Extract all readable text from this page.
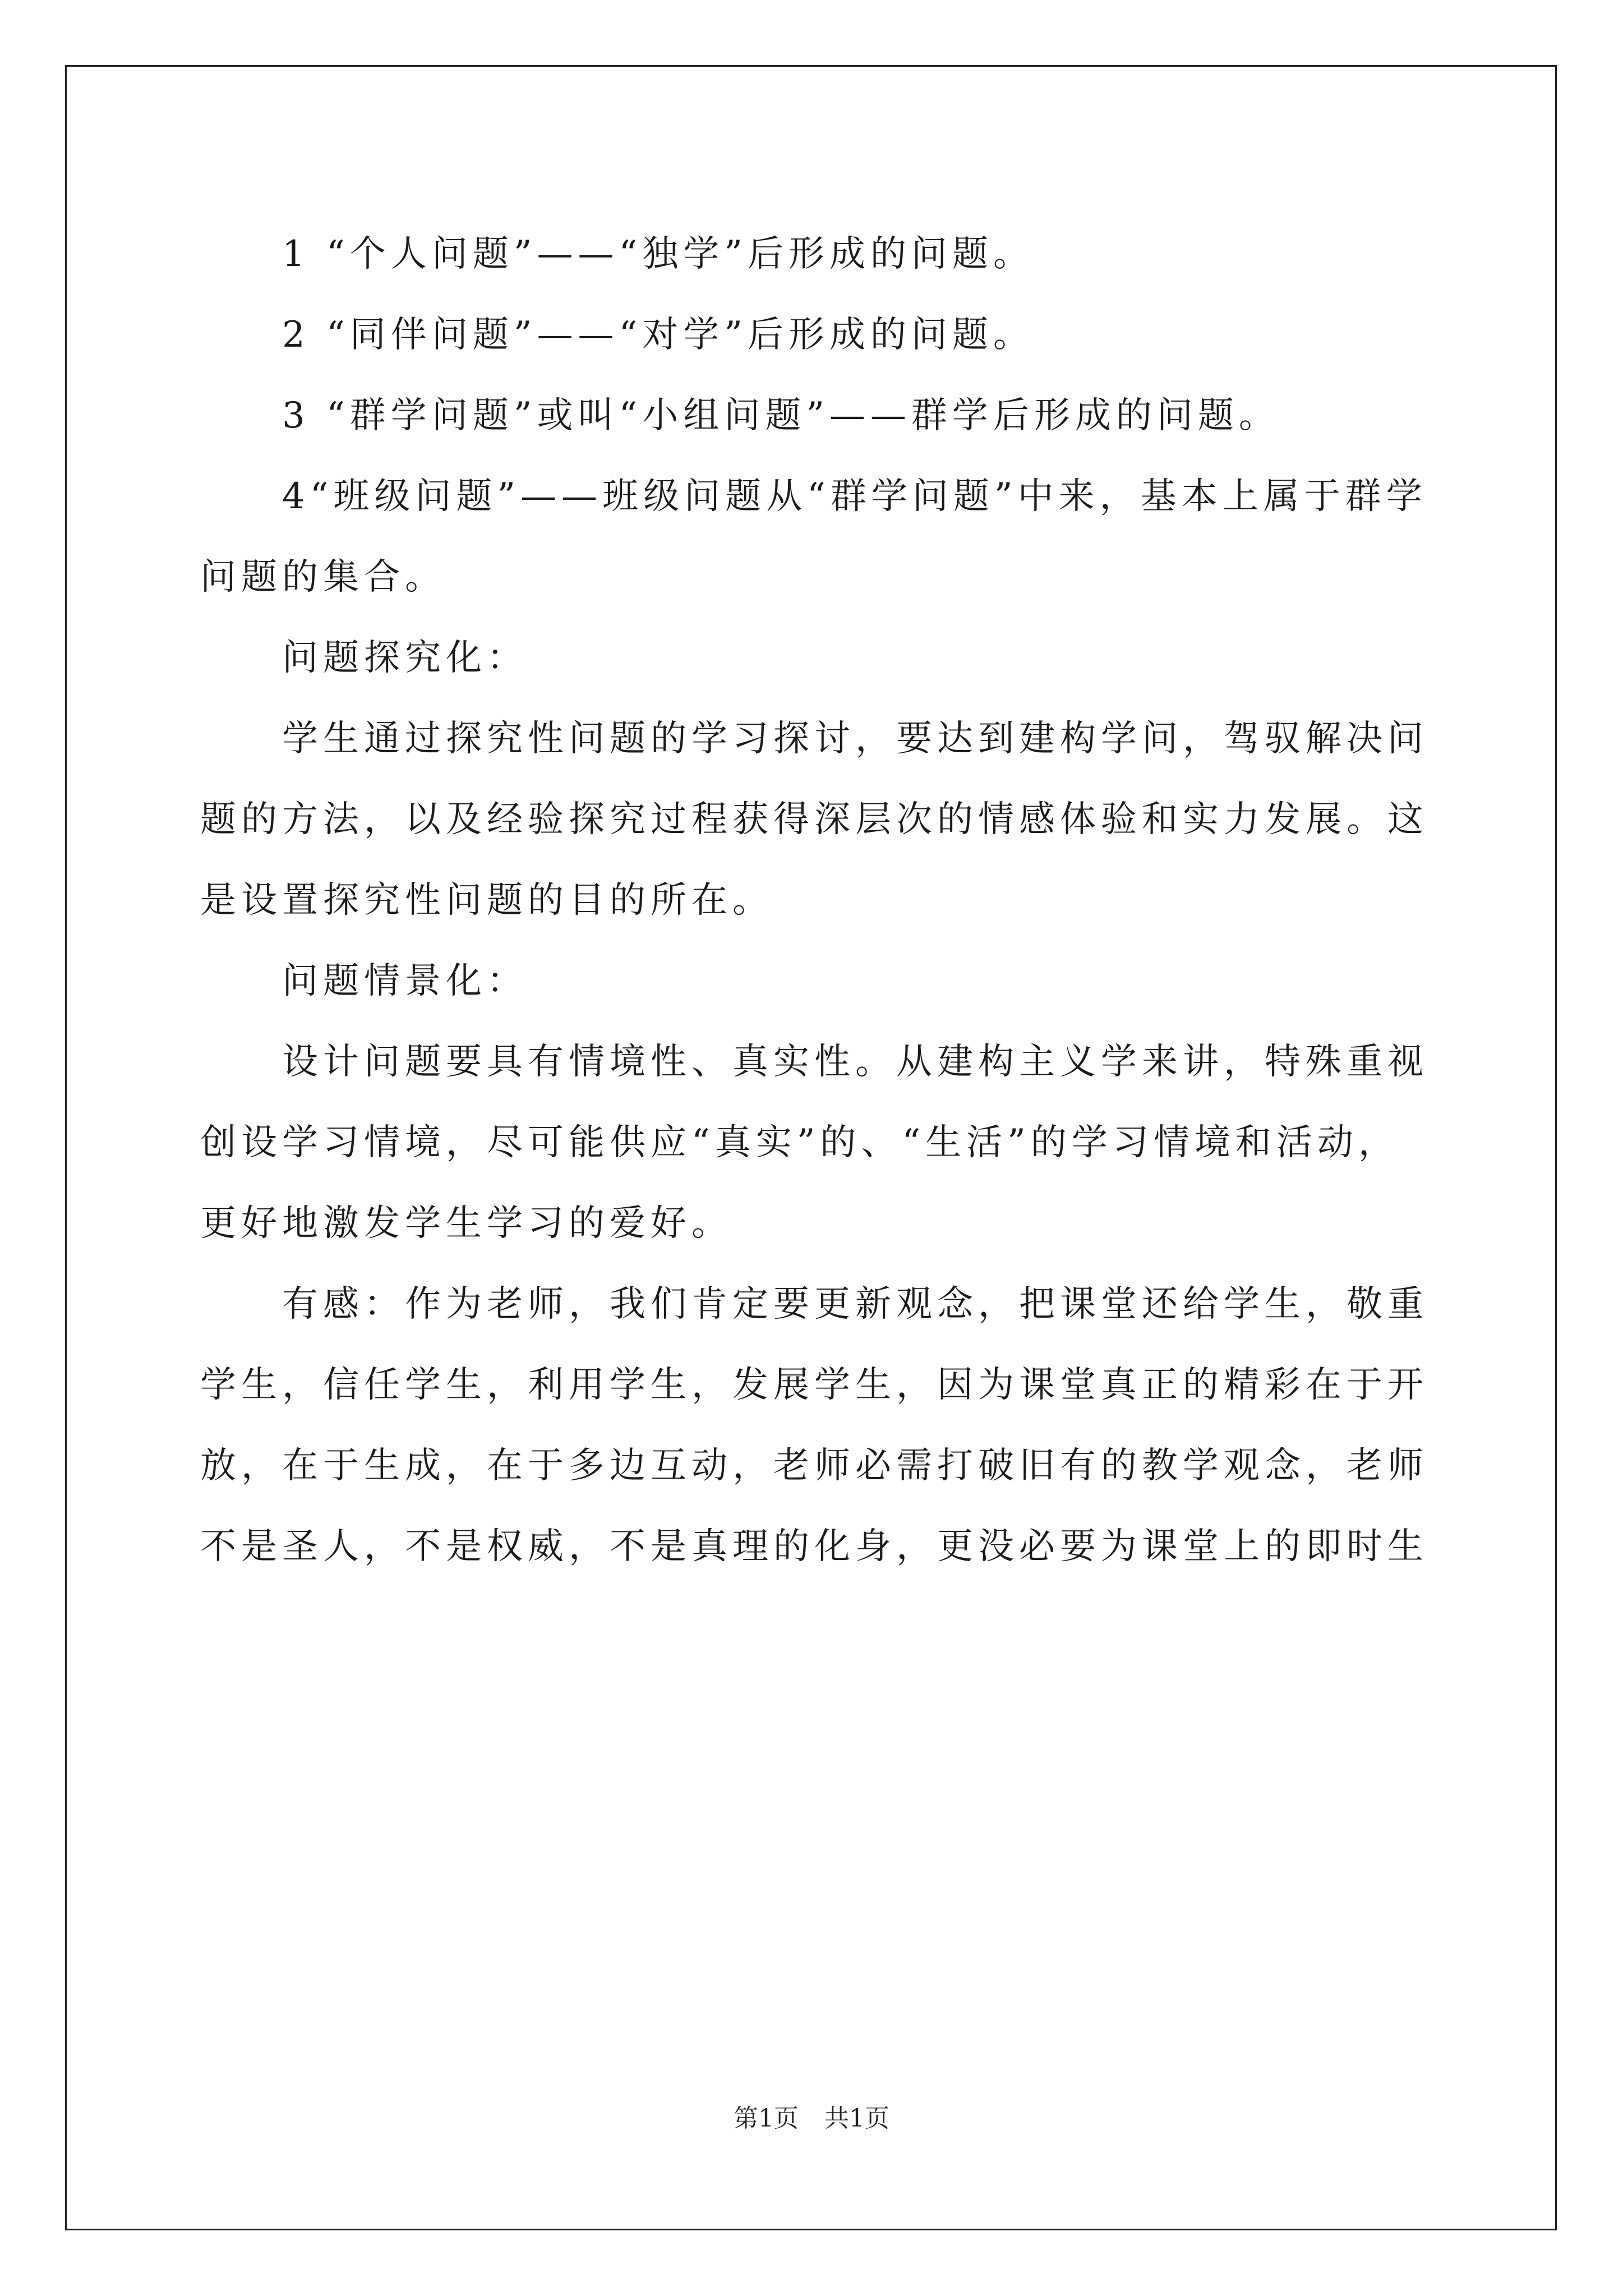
1 “个人问题”——“独学”后形成的问题。

2 “同伴问题”——“对学”后形成的问题。

3 “群学问题”或叫“小组问题”——群学后形成的问题。

4“班级问题”——班级问题从“群学问题”中来，基本上属于群学问题的集合。

问题探究化：

学生通过探究性问题的学习探讨，要达到建构学问，驾驭解决问题的方法，以及经验探究过程获得深层次的情感体验和实力发展。这是设置探究性问题的目的所在。

问题情景化：

设计问题要具有情境性、真实性。从建构主义学来讲，特殊重视创设学习情境，尽可能供应“真实”的、“生活”的学习情境和活动，更好地激发学生学习的爱好。

有感：作为老师，我们肯定要更新观念，把课堂还给学生，敬重学生，信任学生，利用学生，发展学生，因为课堂真正的精彩在于开放，在于生成，在于多边互动，老师必需打破旧有的教学观念，老师不是圣人，不是权威，不是真理的化身，更没必要为课堂上的即时生

第1页 共1页
